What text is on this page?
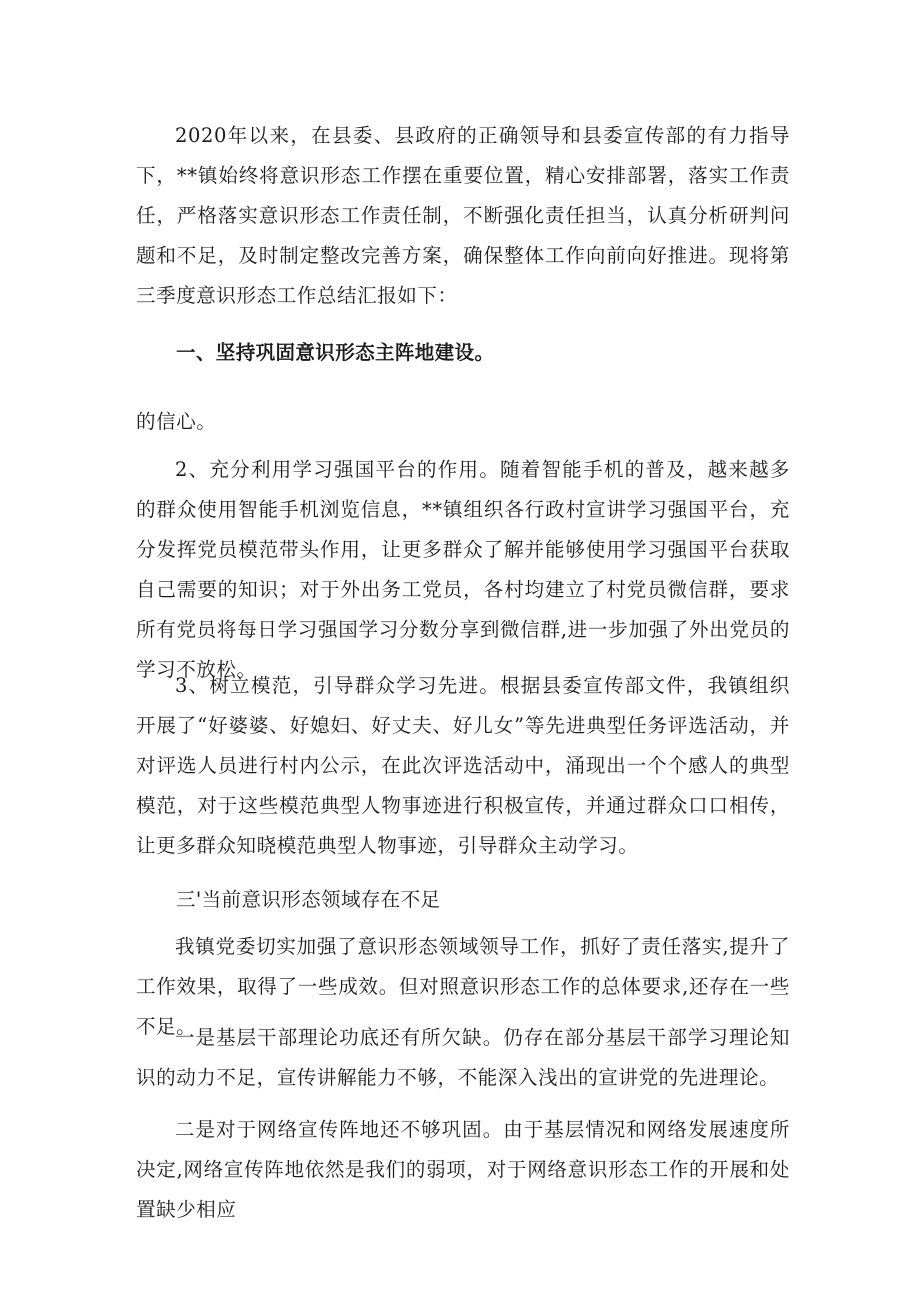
2020年以来，在县委、县政府的正确领导和县委宣传部的有力指导下，**镇始终将意识形态工作摆在重要位置，精心安排部署，落实工作责任，严格落实意识形态工作责任制，不断强化责任担当，认真分析研判问题和不足，及时制定整改完善方案，确保整体工作向前向好推进。现将第三季度意识形态工作总结汇报如下：

一、坚持巩固意识形态主阵地建设。

的信心。

2、充分利用学习强国平台的作用。随着智能手机的普及，越来越多的群众使用智能手机浏览信息，**镇组织各行政村宣讲学习强国平台，充分发挥党员模范带头作用，让更多群众了解并能够使用学习强国平台获取自己需要的知识；对于外出务工党员，各村均建立了村党员微信群，要求所有党员将每日学习强国学习分数分享到微信群,进一步加强了外出党员的学习不放松。

3、树立模范，引导群众学习先进。根据县委宣传部文件，我镇组织开展了“好婆婆、好媳妇、好丈夫、好儿女”等先进典型任务评选活动，并对评选人员进行村内公示，在此次评选活动中，涌现出一个个感人的典型模范，对于这些模范典型人物事迹进行积极宣传，并通过群众口口相传，让更多群众知晓模范典型人物事迹，引导群众主动学习。

三'当前意识形态领域存在不足

我镇党委切实加强了意识形态领域领导工作，抓好了责任落实,提升了工作效果，取得了一些成效。但对照意识形态工作的总体要求,还存在一些不足。

一是基层干部理论功底还有所欠缺。仍存在部分基层干部学习理论知识的动力不足，宣传讲解能力不够，不能深入浅出的宣讲党的先进理论。

二是对于网络宣传阵地还不够巩固。由于基层情况和网络发展速度所决定,网络宣传阵地依然是我们的弱项，对于网络意识形态工作的开展和处置缺少相应
